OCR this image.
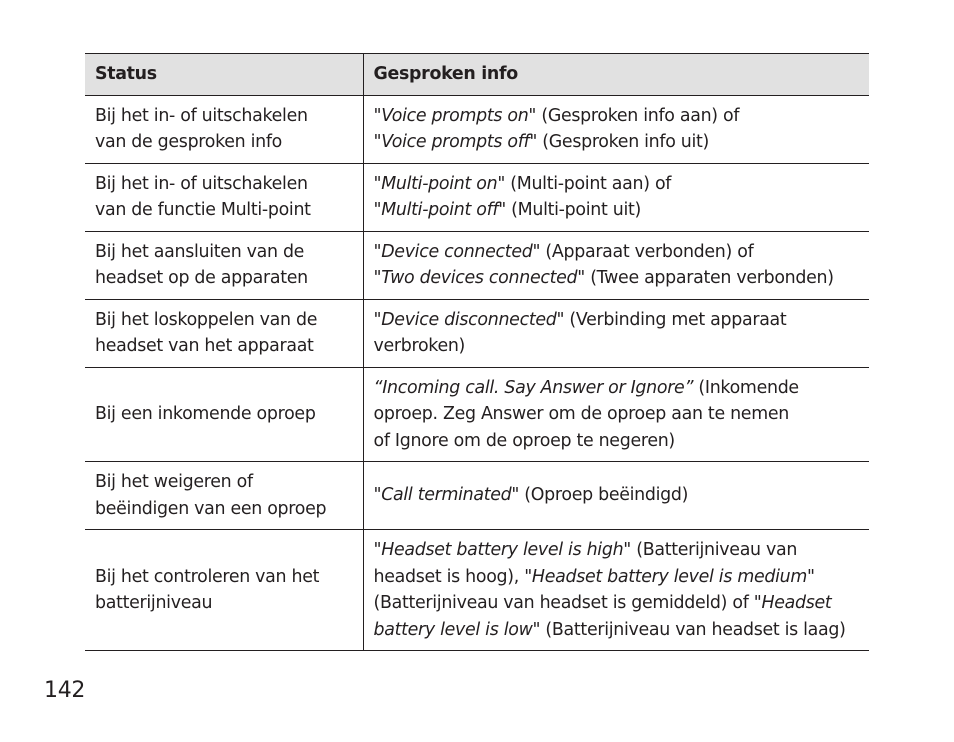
Status	Gesproken info

Bij het in- of uitschakelen
van de gesproken info	"Voice prompts on" (Gesproken info aan) of
"Voice prompts off" (Gesproken info uit)

Bij het in- of uitschakelen
van de functie Multi-point	"Multi-point on" (Multi-point aan) of
"Multi-point off" (Multi-point uit)

Bij het aansluiten van de
headset op de apparaten	"Device connected" (Apparaat verbonden) of
"Two devices connected" (Twee apparaten verbonden)

Bij het loskoppelen van de
headset van het apparaat	"Device disconnected" (Verbinding met apparaat
verbroken)

Bij een inkomende oproep	“Incoming call. Say Answer or Ignore” (Inkomende
oproep. Zeg Answer om de oproep aan te nemen
of Ignore om de oproep te negeren)

Bij het weigeren of
beëindigen van een oproep	"Call terminated" (Oproep beëindigd)

Bij het controleren van het
batterijniveau	"Headset battery level is high" (Batterijniveau van
headset is hoog), "Headset battery level is medium"
(Batterijniveau van headset is gemiddeld) of "Headset
battery level is low" (Batterijniveau van headset is laag)
142
